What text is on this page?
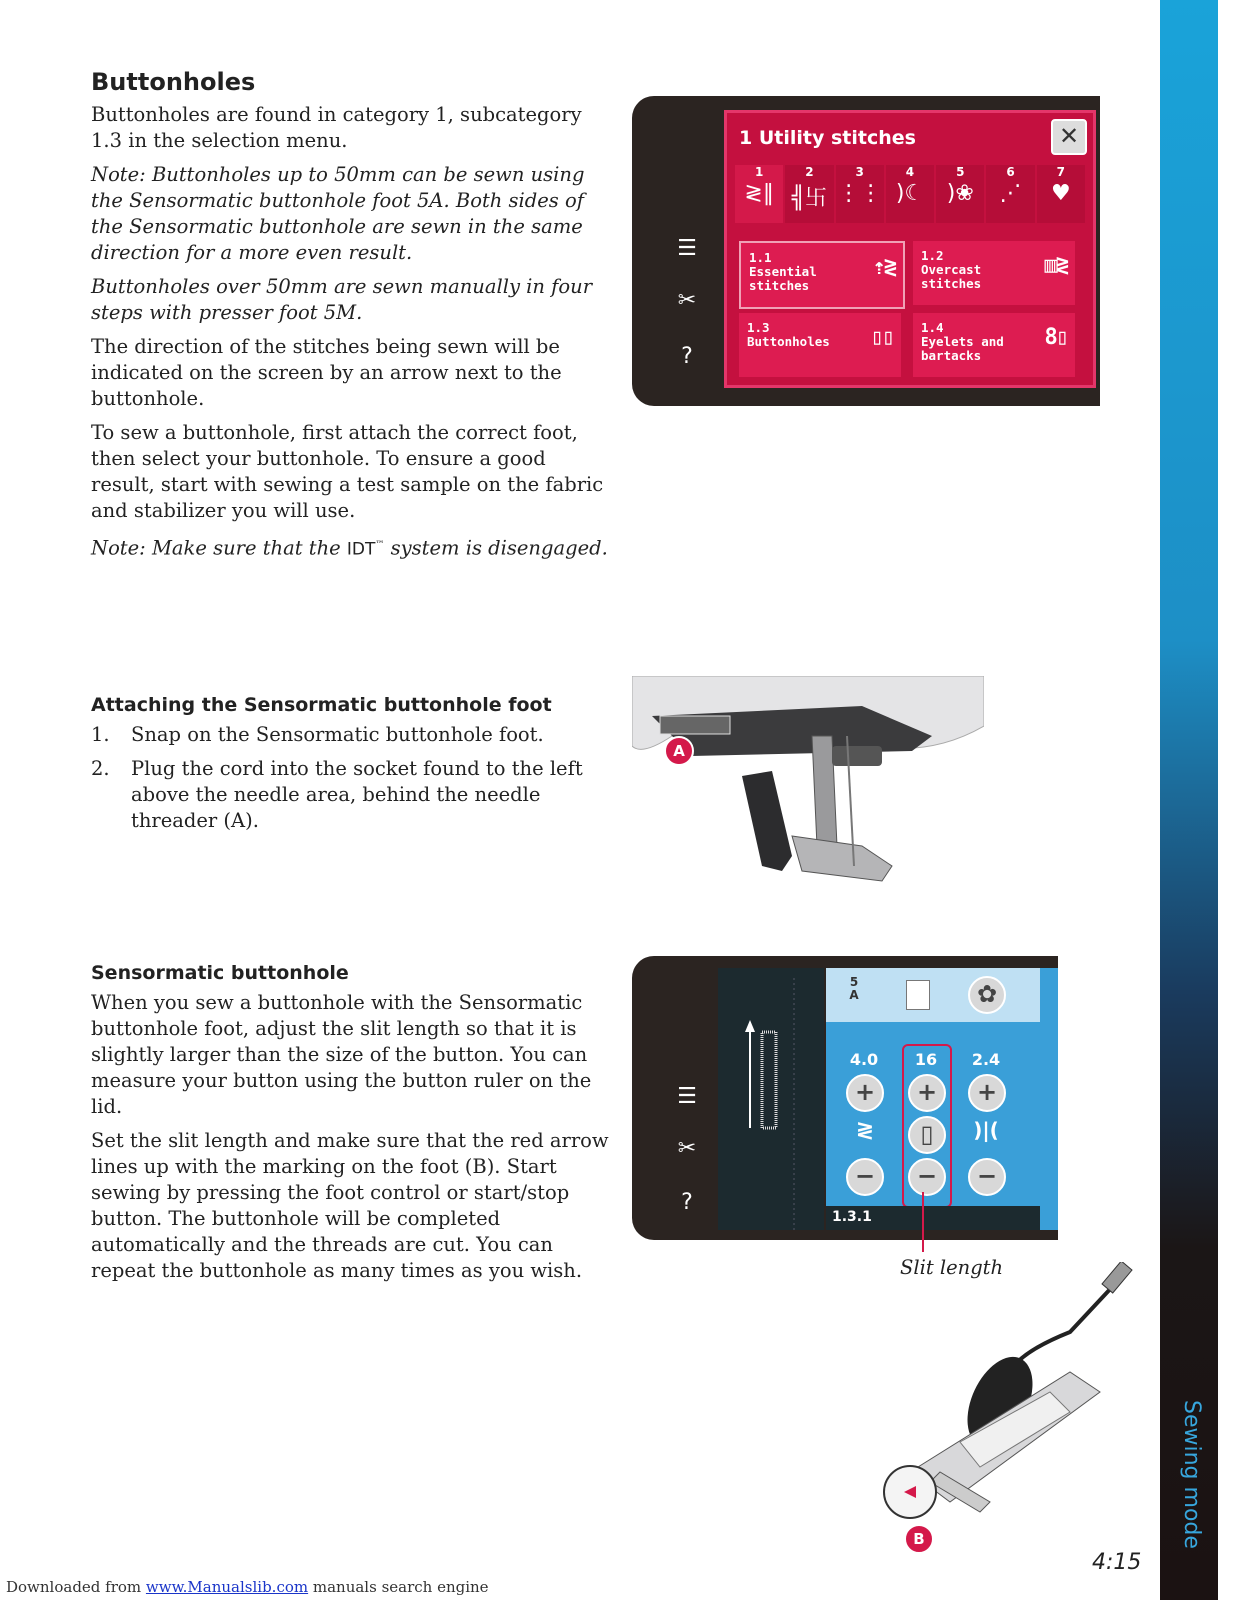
Sewing mode
Buttonholes

Buttonholes are found in category 1, subcategory 1.3 in the selection menu.

Note: Buttonholes up to 50mm can be sewn using the Sensormatic buttonhole foot 5A. Both sides of the Sensormatic buttonhole are sewn in the same direction for a more even result.

Buttonholes over 50mm are sewn manually in four steps with presser foot 5M.

The direction of the stitches being sewn will be indicated on the screen by an arrow next to the buttonhole.

To sew a buttonhole, first attach the correct foot, then select your buttonhole. To ensure a good result, start with sewing a test sample on the fabric and stabilizer you will use.

Note: Make sure that the IDT™ system is disengaged.

☰
✂
?
1 Utility stitches	✕
1
≷‖
2
╣卐
3
⋮⋮
4
)☾
5
)❀
6
⋰
7
♥
1.1
Essential
stitches
⇡≷ 1.2
Overcast
stitches
▥≷
1.3
Buttonholes ▯▯ 1.4
Eyelets and
bartacks
8▯
Attaching the Sensormatic buttonhole foot
1. Snap on the Sensormatic buttonhole foot.
2. Plug the cord into the socket found to the left above the needle area, behind the needle threader (A).
A
Sensormatic buttonhole

When you sew a buttonhole with the Sensormatic buttonhole foot, adjust the slit length so that it is slightly larger than the size of the button. You can measure your button using the button ruler on the lid.

Set the slit length and make sure that the red arrow lines up with the marking on the foot (B). Start sewing by pressing the foot control or start/stop button. The buttonhole will be completed automatically and the threads are cut. You can repeat the buttonhole as many times as you wish.

☰
✂
?
5
A	✿
4.0	16	2.4
+	+	+
≷	▯	)|(
−	−	−
1.3.1
Slit length
B
4:15
Downloaded from www.Manualslib.com manuals search engine
